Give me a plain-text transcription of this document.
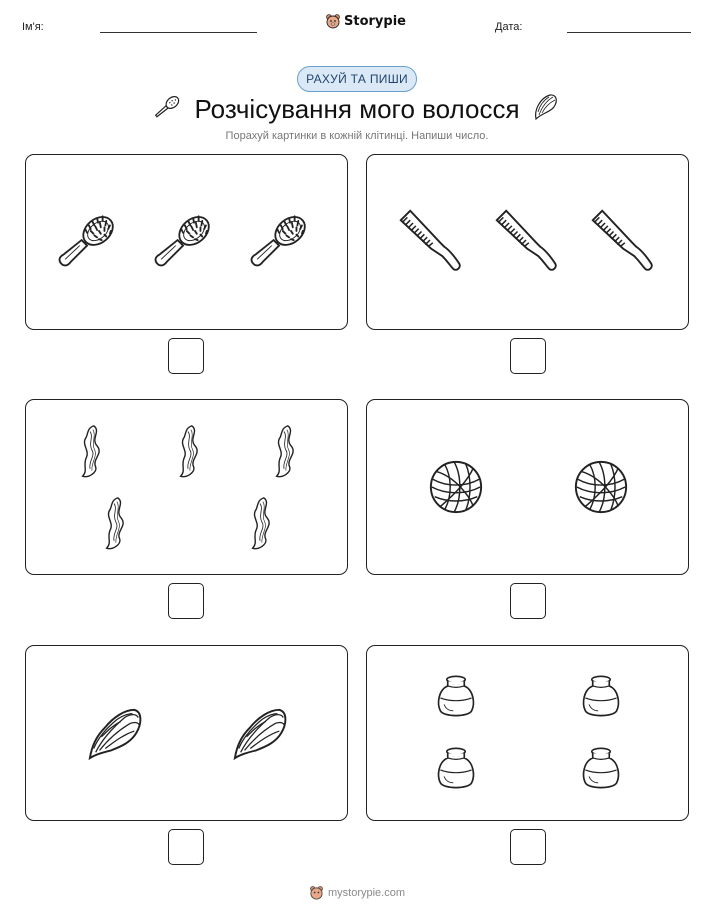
Ім'я:	Storypie	Дата:
РАХУЙ ТА ПИШИ
Розчісування мого волосся
Порахуй картинки в кожній клітинці. Напиши число.
mystorypie.com
